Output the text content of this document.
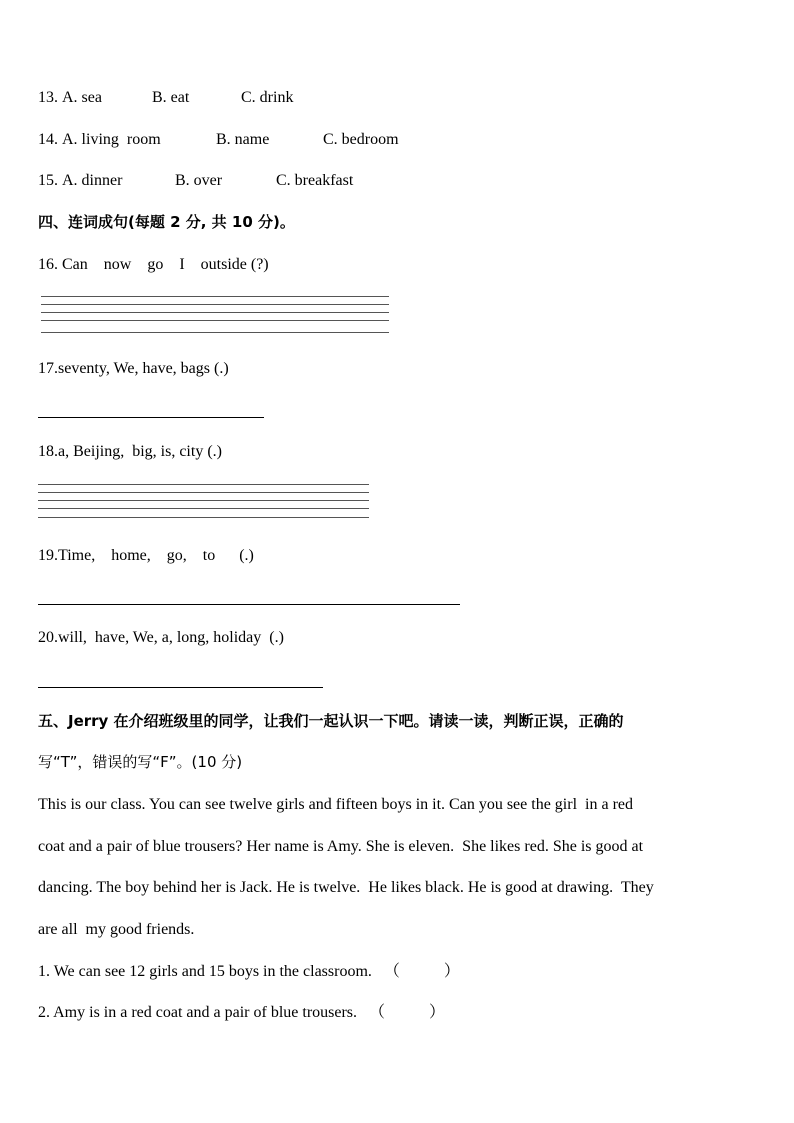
13. A. sea	B. eat	C. drink
14. A. living  room	B. name	C. bedroom
15. A. dinner	B. over	C. breakfast
四、连词成句(每题 2 分, 共 10 分)。
16. Can    now    go    I    outside (?)
17.seventy, We, have, bags (.)
18.a, Beijing,  big, is, city (.)
19.Time,    home,    go,    to      (.)
20.will,  have, We, a, long, holiday  (.)
五、Jerry 在介绍班级里的同学，让我们一起认识一下吧。请读一读，判断正误，正确的
写“T”，错误的写“F”。(10 分)
This is our class. You can see twelve girls and fifteen boys in it. Can you see the girl  in a red
coat and a pair of blue trousers? Her name is Amy. She is eleven.  She likes red. She is good at
dancing. The boy behind her is Jack. He is twelve.  He likes black. He is good at drawing.  They
are all  my good friends.
1. We can see 12 girls and 15 boys in the classroom.   （           ）
2. Amy is in a red coat and a pair of blue trousers.   （           ）
